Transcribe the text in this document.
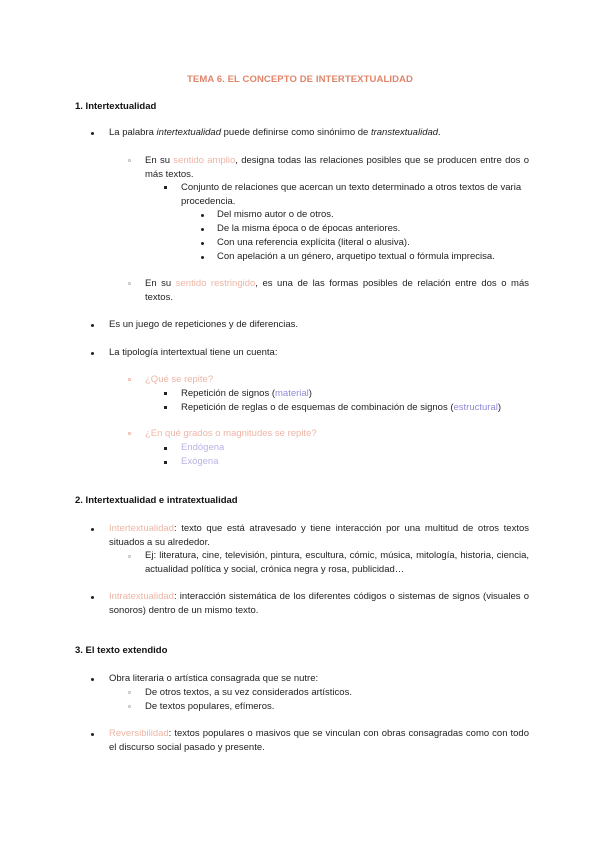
TEMA 6. EL CONCEPTO DE INTERTEXTUALIDAD
1. Intertextualidad
La palabra intertextualidad puede definirse como sinónimo de transtextualidad.
En su sentido amplio, designa todas las relaciones posibles que se producen entre dos o más textos.
Conjunto de relaciones que acercan un texto determinado a otros textos de varia procedencia.
Del mismo autor o de otros.
De la misma época o de épocas anteriores.
Con una referencia explícita (literal o alusiva).
Con apelación a un género, arquetipo textual o fórmula imprecisa.
En su sentido restringido, es una de las formas posibles de relación entre dos o más textos.
Es un juego de repeticiones y de diferencias.
La tipología intertextual tiene un cuenta:
¿Qué se repite?
Repetición de signos (material)
Repetición de reglas o de esquemas de combinación de signos (estructural)
¿En qué grados o magnitudes se repite?
Endógena
Exógena
2. Intertextualidad e intratextualidad
Intertextualidad: texto que está atravesado y tiene interacción por una multitud de otros textos situados a su alrededor.
Ej: literatura, cine, televisión, pintura, escultura, cómic, música, mitología, historia, ciencia, actualidad política y social, crónica negra y rosa, publicidad…
Intratextualidad: interacción sistemática de los diferentes códigos o sistemas de signos (visuales o sonoros) dentro de un mismo texto.
3. El texto extendido
Obra literaria o artística consagrada que se nutre:
De otros textos, a su vez considerados artísticos.
De textos populares, efímeros.
Reversibilidad: textos populares o masivos que se vinculan con obras consagradas como con todo el discurso social pasado y presente.
